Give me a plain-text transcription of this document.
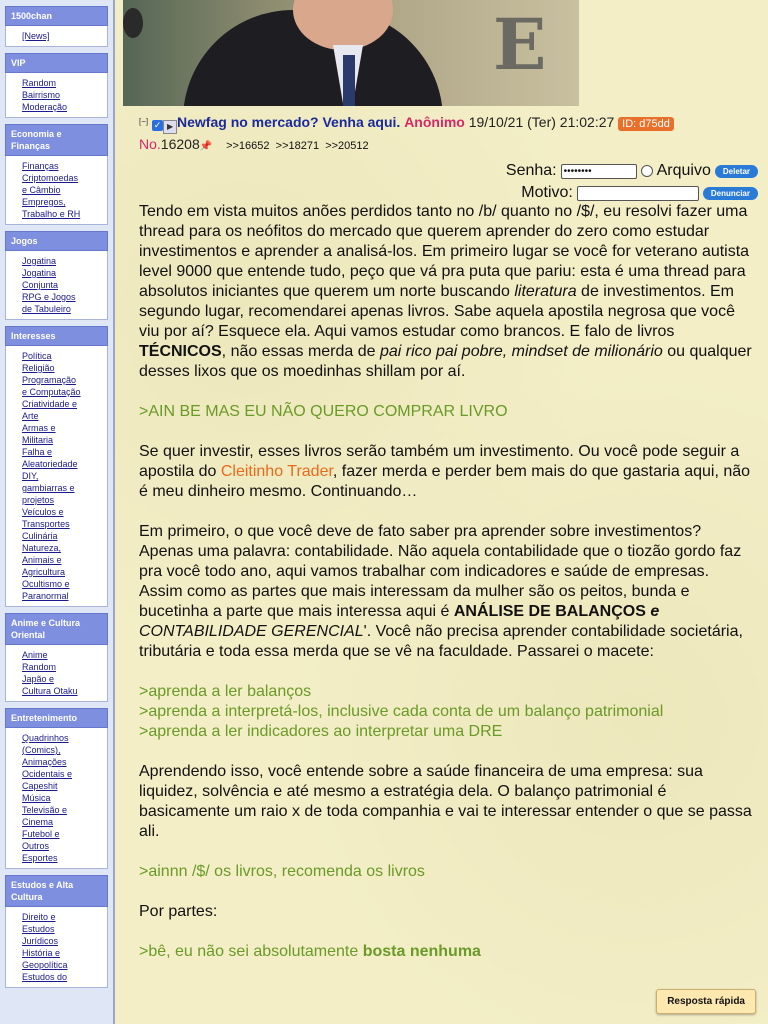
1500chan
[News]
VIP
Random
Bairrismo
Moderação
Economia e Finanças
Finanças
Criptomoedas
e Câmbio
Empregos,
Trabalho e RH
Jogos
Jogatina
Jogatina
Conjunta
RPG e Jogos
de Tabuleiro
Interesses
Política
Religião
Programação
e Computação
Criatividade e
Arte
Armas e
Militaria
Falha e
Aleatoriedade
DIY,
gambiarras e
projetos
Veículos e
Transportes
Culinária
Natureza,
Animais e
Agricultura
Ocultismo e
Paranormal
Anime e Cultura Oriental
Anime
Random
Japão e
Cultura Otaku
Entretenimento
Quadrinhos
(Comics),
Animações
Ocidentais e
Capeshit
Música
Televisão e
Cinema
Futebol e
Outros
Esportes
Estudos e Alta Cultura
Direito e
Estudos
Jurídicos
História e
Geopolítica
Estudos do
E
[−] ✓ ▶ Newfag no mercado? Venha aqui. Anônimo 19/10/21 (Ter) 21:02:27 ID: d75dd
No.16208📌 >>16652 >>18271 >>20512
Senha: ••••••••	Arquivo	Deletar
Motivo:	Denunciar

Tendo em vista muitos anões perdidos tanto no /b/ quanto no /$/, eu resolvi fazer uma thread para os neófitos do mercado que querem aprender do zero como estudar investimentos e aprender a analisá-los. Em primeiro lugar se você for veterano autista level 9000 que entende tudo, peço que vá pra puta que pariu: esta é uma thread para absolutos iniciantes que querem um norte buscando literatura de investimentos. Em segundo lugar, recomendarei apenas livros. Sabe aquela apostila negrosa que você viu por aí? Esquece ela. Aqui vamos estudar como brancos. E falo de livros TÉCNICOS, não essas merda de pai rico pai pobre, mindset de milionário ou qualquer desses lixos que os moedinhas shillam por aí.

>AIN BE MAS EU NÃO QUERO COMPRAR LIVRO

Se quer investir, esses livros serão também um investimento. Ou você pode seguir a apostila do Cleitinho Trader, fazer merda e perder bem mais do que gastaria aqui, não é meu dinheiro mesmo. Continuando…

Em primeiro, o que você deve de fato saber pra aprender sobre investimentos? Apenas uma palavra: contabilidade. Não aquela contabilidade que o tiozão gordo faz pra você todo ano, aqui vamos trabalhar com indicadores e saúde de empresas. Assim como as partes que mais interessam da mulher são os peitos, bunda e bucetinha a parte que mais interessa aqui é ANÁLISE DE BALANÇOS e CONTABILIDADE GERENCIAL'. Você não precisa aprender contabilidade societária, tributária e toda essa merda que se vê na faculdade. Passarei o macete:

>aprenda a ler balanços

>aprenda a interpretá-los, inclusive cada conta de um balanço patrimonial

>aprenda a ler indicadores ao interpretar uma DRE

Aprendendo isso, você entende sobre a saúde financeira de uma empresa: sua liquidez, solvência e até mesmo a estratégia dela. O balanço patrimonial é basicamente um raio x de toda companhia e vai te interessar entender o que se passa ali.

>ainnn /$/ os livros, recomenda os livros

Por partes:

>bê, eu não sei absolutamente bosta nenhuma

Resposta rápida
